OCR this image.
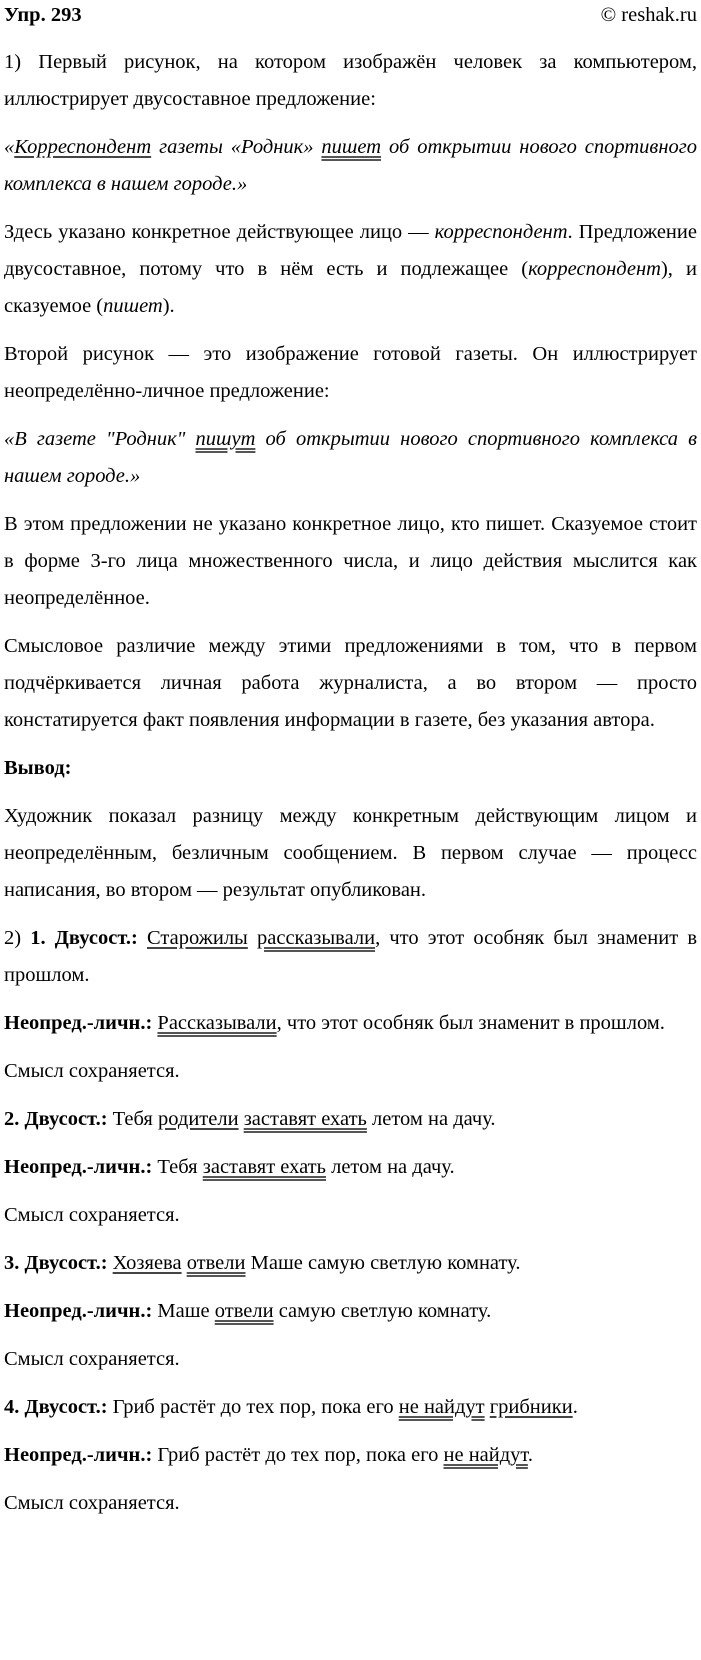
Упр. 293	© reshak.ru

1) Первый рисунок, на котором изображён человек за компьютером, иллюстрирует двусоставное предложение:

«Корреспондент газеты «Родник» пишет об открытии нового спортивного комплекса в нашем городе.»

Здесь указано конкретное действующее лицо — корреспондент. Предложение двусоставное, потому что в нём есть и подлежащее (корреспондент), и сказуемое (пишет).

Второй рисунок — это изображение готовой газеты. Он иллюстрирует неопределённо-личное предложение:

«В газете "Родник" пишут об открытии нового спортивного комплекса в нашем городе.»

В этом предложении не указано конкретное лицо, кто пишет. Сказуемое стоит в форме 3-го лица множественного числа, и лицо действия мыслится как неопределённое.

Смысловое различие между этими предложениями в том, что в первом подчёркивается личная работа журналиста, а во втором — просто констатируется факт появления информации в газете, без указания автора.

Вывод:

Художник показал разницу между конкретным действующим лицом и неопределённым, безличным сообщением. В первом случае — процесс написания, во втором — результат опубликован.

2) 1. Двусост.: Старожилы рассказывали, что этот особняк был знаменит в прошлом.

Неопред.-личн.: Рассказывали, что этот особняк был знаменит в прошлом.

Смысл сохраняется.

2. Двусост.: Тебя родители заставят ехать летом на дачу.

Неопред.-личн.: Тебя заставят ехать летом на дачу.

Смысл сохраняется.

3. Двусост.: Хозяева отвели Маше самую светлую комнату.

Неопред.-личн.: Маше отвели самую светлую комнату.

Смысл сохраняется.

4. Двусост.: Гриб растёт до тех пор, пока его не найдут грибники.

Неопред.-личн.: Гриб растёт до тех пор, пока его не найдут.

Смысл сохраняется.
